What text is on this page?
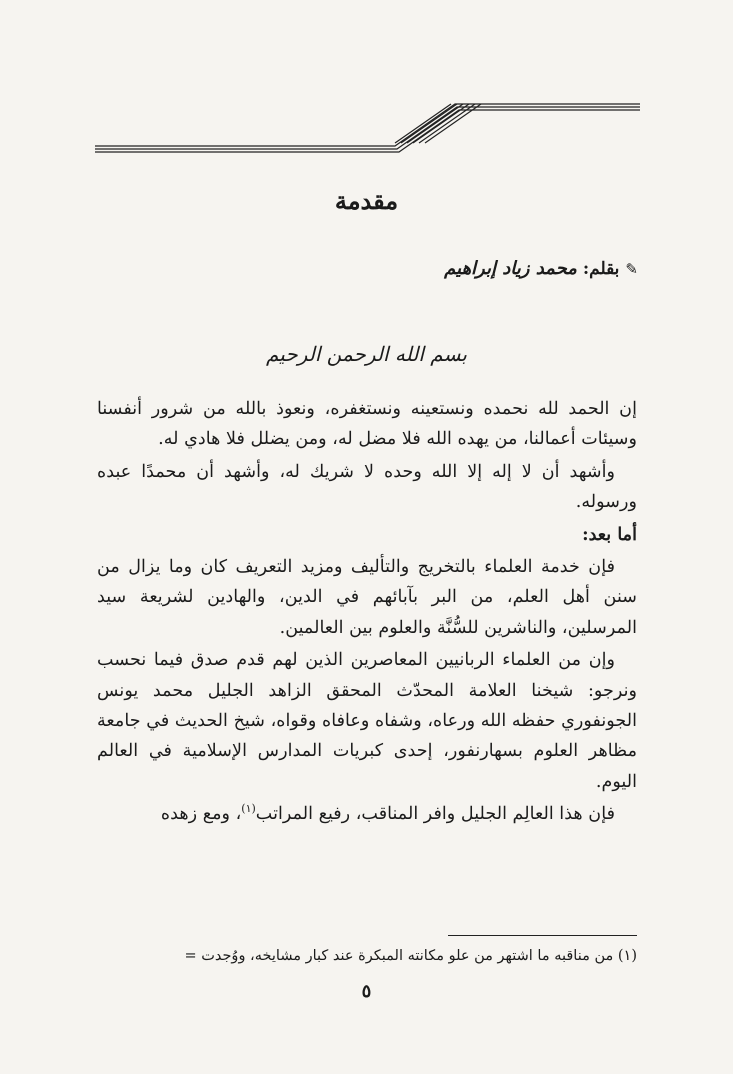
مقدمة
✎
بقلم:
محمد زياد إبراهيم
بسم الله الرحمن الرحيم

إن الحمد لله نحمده ونستعينه ونستغفره، ونعوذ بالله من شرور أنفسنا وسيئات أعمالنا، من يهده الله فلا مضل له، ومن يضلل فلا هادي له.

وأشهد أن لا إله إلا الله وحده لا شريك له، وأشهد أن محمدًا عبده ورسوله.

أما بعد:

فإن خدمة العلماء بالتخريج والتأليف ومزيد التعريف كان وما يزال من سنن أهل العلم، من البر بآبائهم في الدين، والهادين لشريعة سيد المرسلين، والناشرين للسُّنَّة والعلوم بين العالمين.

وإن من العلماء الربانيين المعاصرين الذين لهم قدم صدق فيما نحسب ونرجو: شيخنا العلامة المحدّث المحقق الزاهد الجليل محمد يونس الجونفوري حفظه الله ورعاه، وشفاه وعافاه وقواه، شيخ الحديث في جامعة مظاهر العلوم بسهارنفور، إحدى كبريات المدارس الإسلامية في العالم اليوم.

فإن هذا العالِم الجليل وافر المناقب، رفيع المراتب$^{(١)}$، ومع زهده

(١) من مناقبه ما اشتهر من علو مكانته المبكرة عند كبار مشايخه، ووُجدت =
٥
